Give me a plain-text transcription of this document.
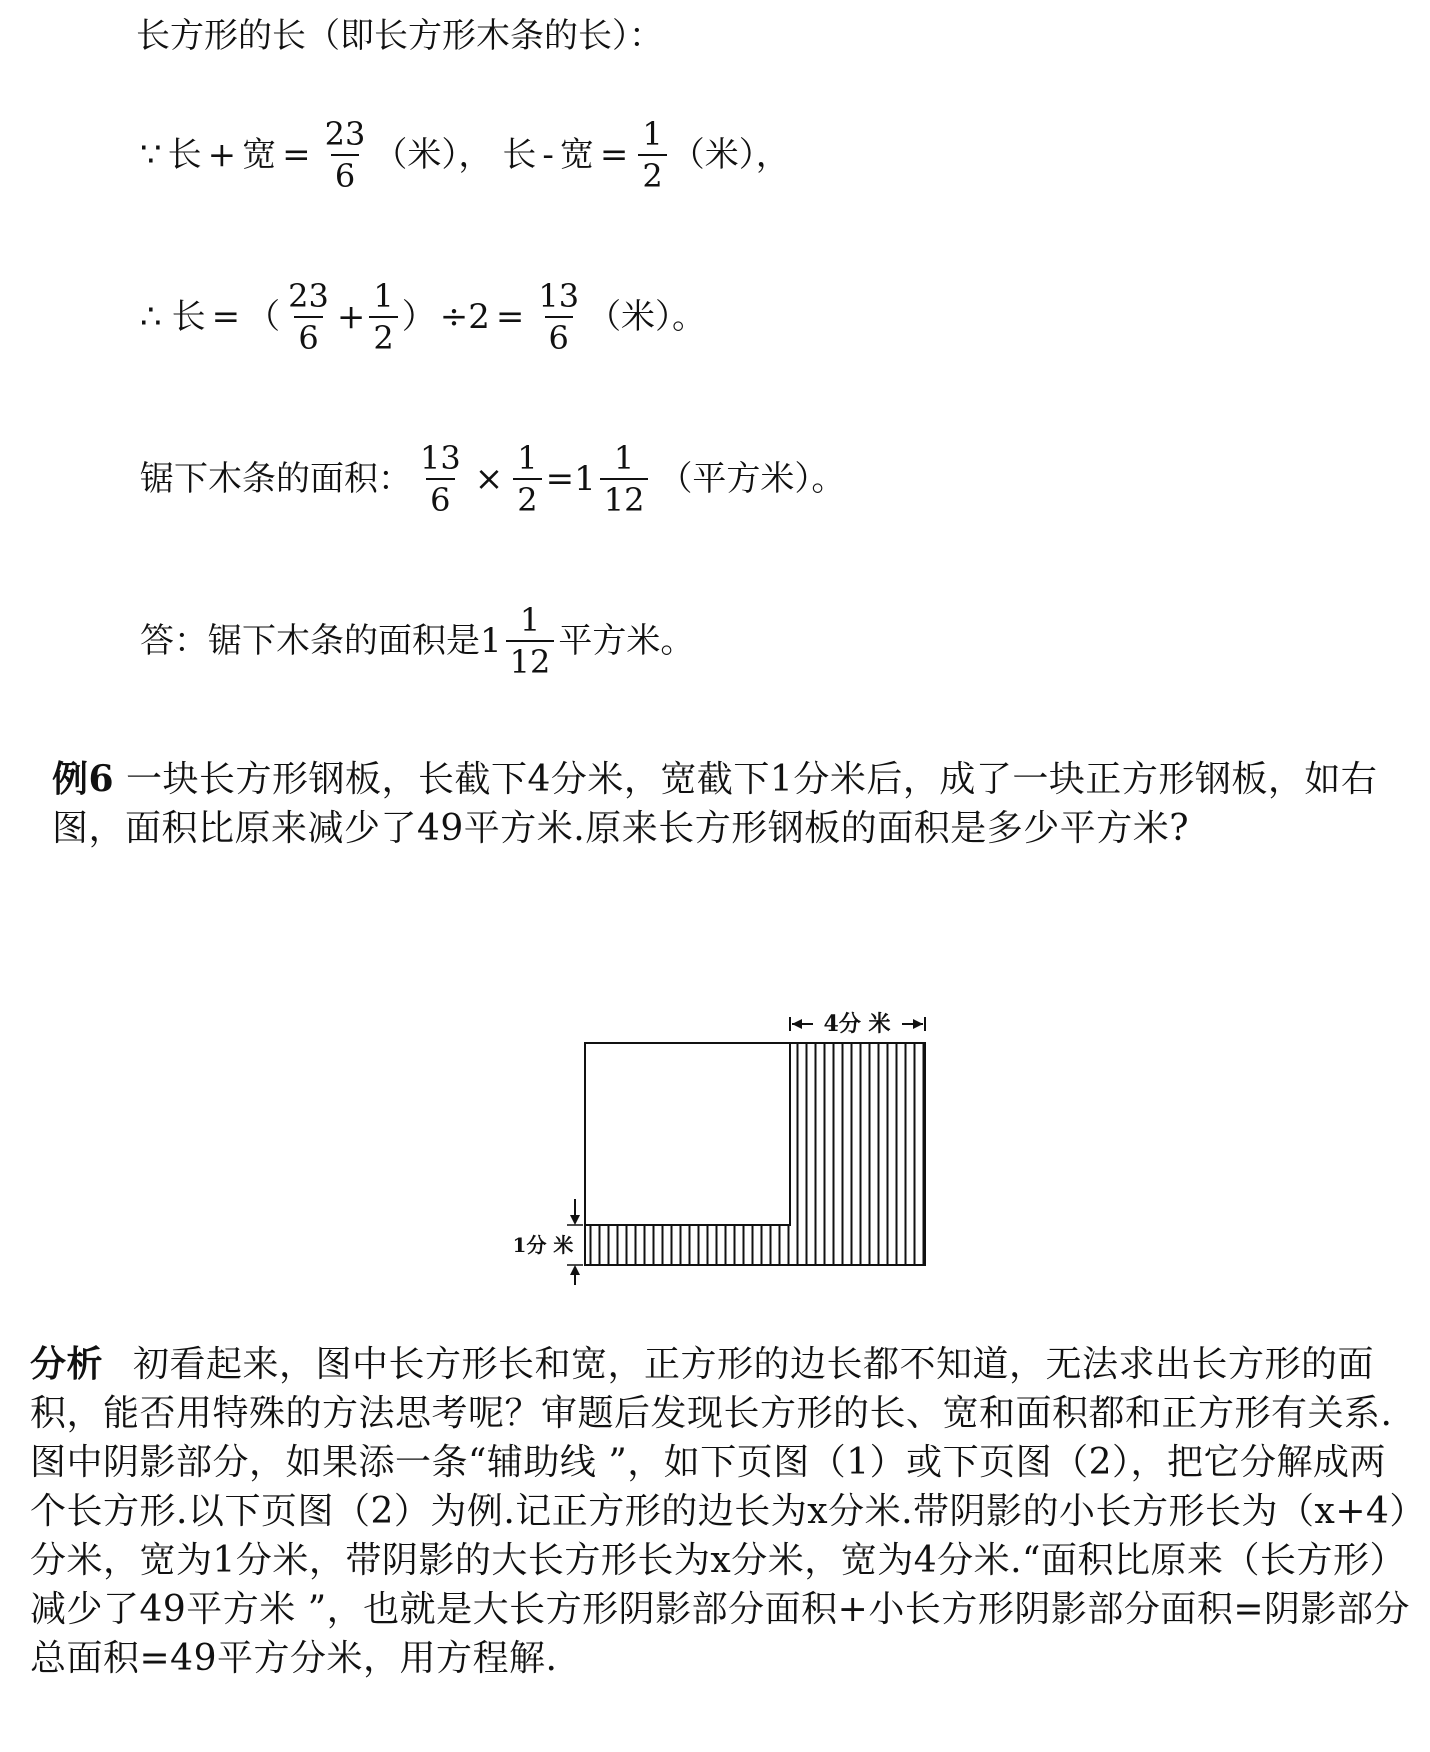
长方形的长（即长方形木条的长）：
∵ 长 + 宽 = $\frac{23}{6}$ （米）， 长 - 宽 = $\frac{1}{2}$ （米），
∴ 长 = （ $\frac{23}{6} + \frac{1}{2}$ ） $\div 2 = \frac{13}{6}$ （米）。
锯下木条的面积： $\frac{13}{6} \times \frac{1}{2} = 1 \frac{1}{12}$ （平方米）。
答：锯下木条的面积是 $1 \frac{1}{12}$ 平方米。
例6 一块长方形钢板，长截下4分米，宽截下1分米后，成了一块正方形钢板，如右图，面积比原来减少了49平方米.原来长方形钢板的面积是多少平方米?
4分 米
1分 米
分析 初看起来，图中长方形长和宽，正方形的边长都不知道，无法求出长方形的面积，能否用特殊的方法思考呢？审题后发现长方形的长、宽和面积都和正方形有关系.图中阴影部分，如果添一条“辅助线 ”，如下页图（1）或下页图（2），把它分解成两个长方形.以下页图（2）为例.记正方形的边长为x分米.带阴影的小长方形长为（x+4）分米，宽为1分米，带阴影的大长方形长为x分米，宽为4分米.“面积比原来（长方形）减少了49平方米 ”，也就是大长方形阴影部分面积+小长方形阴影部分面积=阴影部分总面积=49平方分米，用方程解.
